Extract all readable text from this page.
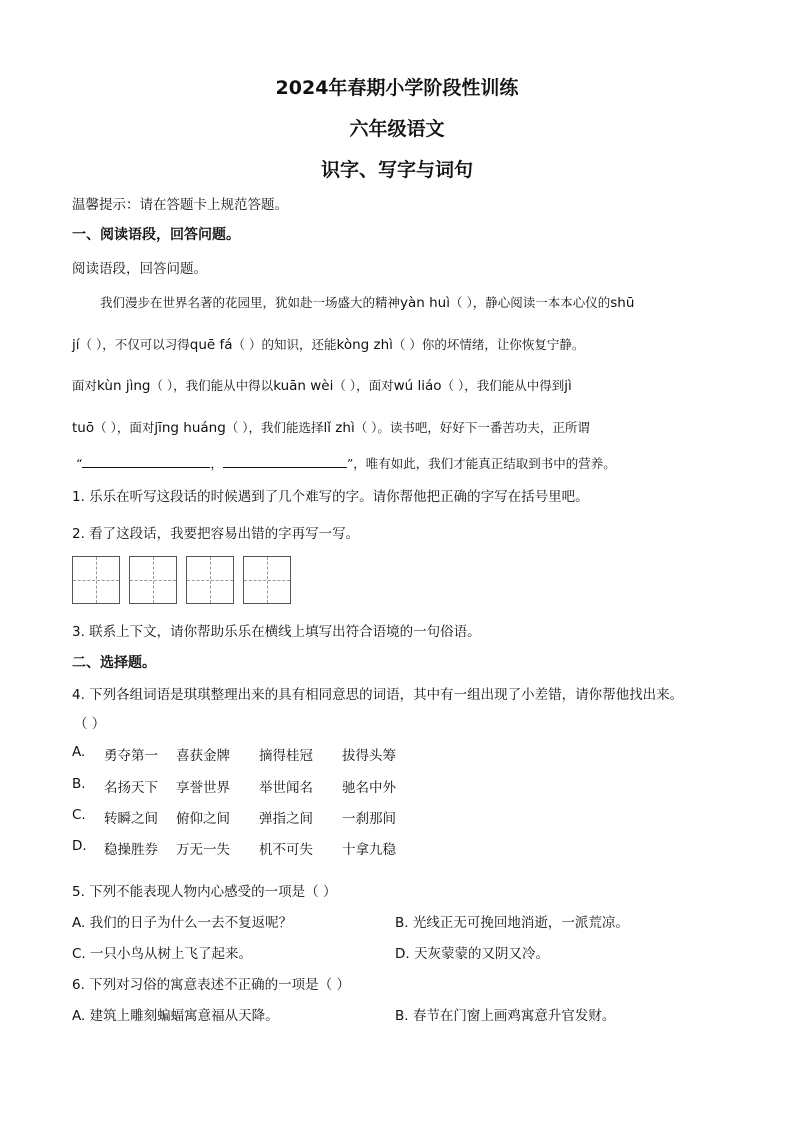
2024年春期小学阶段性训练
六年级语文
识字、写字与词句
温馨提示：请在答题卡上规范答题。
一、阅读语段，回答问题。
阅读语段，回答问题。
我们漫步在世界名著的花园里，犹如赴一场盛大的精神yàn huì（ ），静心阅读一本本心仪的shū
jí（ ），不仅可以习得quē fá（ ）的知识，还能kòng zhì（ ）你的坏情绪，让你恢复宁静。
面对kùn jìng（ ），我们能从中得以kuān wèi（ ），面对wú liáo（ ），我们能从中得到jì
tuō（ ），面对jīng huáng（ ），我们能选择lǐ zhì（ ）。读书吧，好好下一番苦功夫，正所谓
“	，	”，唯有如此，我们才能真正结取到书中的营养。
1. 乐乐在听写这段话的时候遇到了几个难写的字。请你帮他把正确的字写在括号里吧。
2. 看了这段话，我要把容易出错的字再写一写。
3. 联系上下文，请你帮助乐乐在横线上填写出符合语境的一句俗语。
二、选择题。
4. 下列各组词语是琪琪整理出来的具有相同意思的词语，其中有一组出现了小差错，请你帮他找出来。
（ ）
A. 勇夺第一 喜获金牌 摘得桂冠 拔得头筹
B. 名扬天下 享誉世界 举世闻名 驰名中外
C. 转瞬之间 俯仰之间 弹指之间 一刹那间
D. 稳操胜券 万无一失 机不可失 十拿九稳
5. 下列不能表现人物内心感受的一项是（ ）
A. 我们的日子为什么一去不复返呢？	B. 光线正无可挽回地消逝，一派荒凉。
C. 一只小鸟从树上飞了起来。	D. 天灰蒙蒙的又阴又冷。
6. 下列对习俗的寓意表述不正确的一项是（ ）
A. 建筑上雕刻蝙蝠寓意福从天降。	B. 春节在门窗上画鸡寓意升官发财。
